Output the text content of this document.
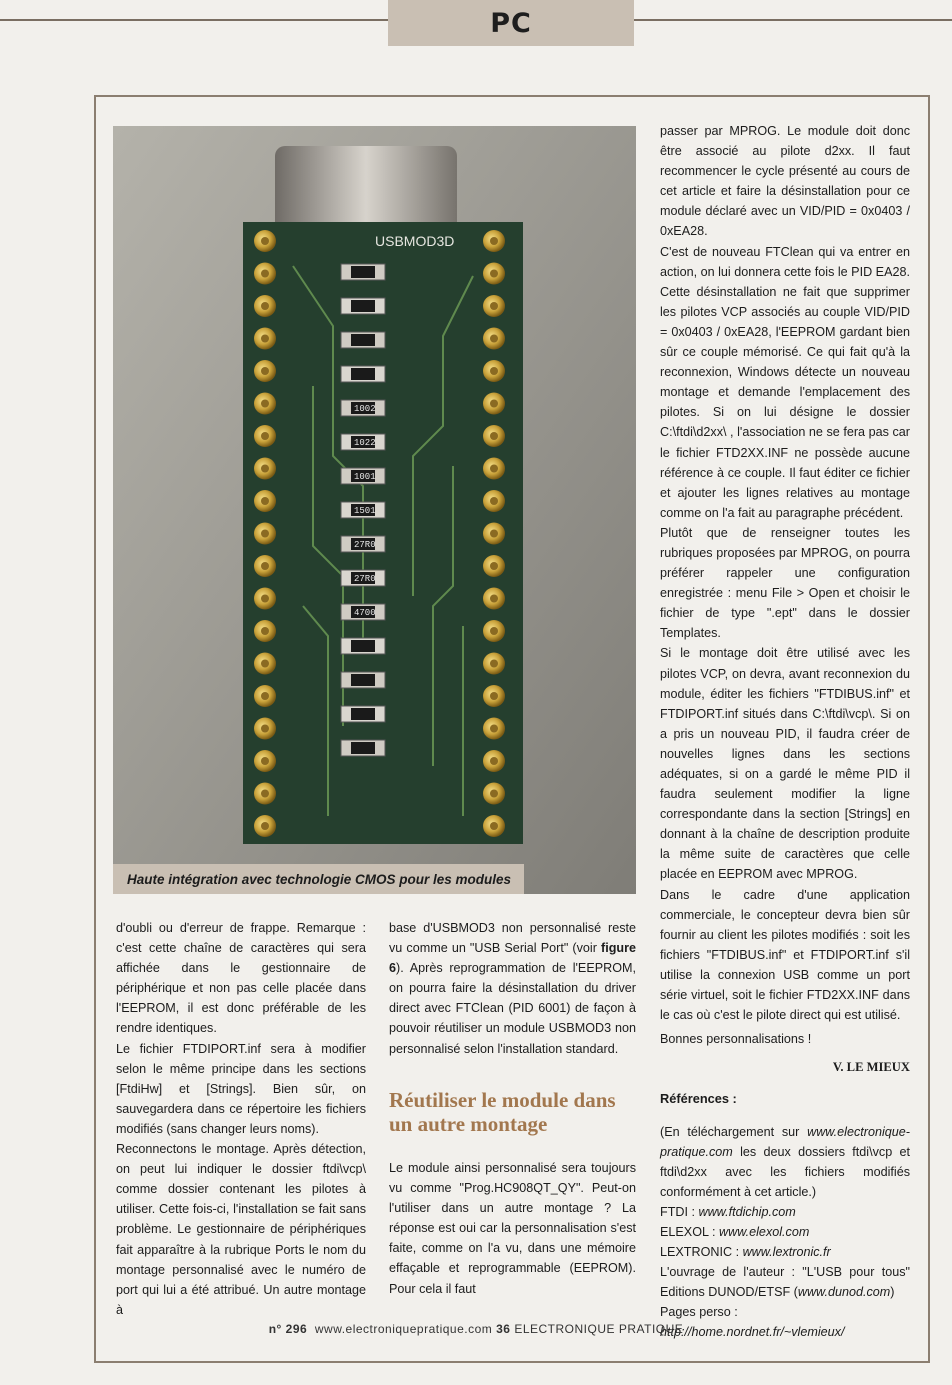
PC
USBMOD3D
1002
1022
1001
1501
27R0
27R0
4700
Haute intégration avec technologie CMOS pour les modules

d'oubli ou d'erreur de frappe. Remarque : c'est cette chaîne de caractères qui sera affichée dans le gestionnaire de périphérique et non pas celle placée dans l'EEPROM, il est donc préférable de les rendre identiques.

Le fichier FTDIPORT.inf sera à modifier selon le même principe dans les sections [FtdiHw] et [Strings]. Bien sûr, on sauvegardera dans ce répertoire les fichiers modifiés (sans changer leurs noms).

Reconnectons le montage. Après détection, on peut lui indiquer le dossier ftdi\vcp\ comme dossier contenant les pilotes à utiliser. Cette fois-ci, l'installation se fait sans problème. Le gestionnaire de périphériques fait apparaître à la rubrique Ports le nom du montage personnalisé avec le numéro de port qui lui a été attribué. Un autre montage à

base d'USBMOD3 non personnalisé reste vu comme un "USB Serial Port" (voir figure 6). Après reprogrammation de l'EEPROM, on pourra faire la désinstallation du driver direct avec FTClean (PID 6001) de façon à pouvoir réutiliser un module USBMOD3 non personnalisé selon l'installation standard.

Réutiliser le module dans un autre montage

Le module ainsi personnalisé sera toujours vu comme "Prog.HC908QT_QY". Peut-on l'utiliser dans un autre montage ? La réponse est oui car la personnalisation s'est faite, comme on l'a vu, dans une mémoire effaçable et reprogrammable (EEPROM). Pour cela il faut

passer par MPROG. Le module doit donc être associé au pilote d2xx. Il faut recommencer le cycle présenté au cours de cet article et faire la désinstallation pour ce module déclaré avec un VID/PID = 0x0403 / 0xEA28.

C'est de nouveau FTClean qui va entrer en action, on lui donnera cette fois le PID EA28. Cette désinstallation ne fait que supprimer les pilotes VCP associés au couple VID/PID = 0x0403 / 0xEA28, l'EEPROM gardant bien sûr ce couple mémorisé. Ce qui fait qu'à la reconnexion, Windows détecte un nouveau montage et demande l'emplacement des pilotes. Si on lui désigne le dossier C:\ftdi\d2xx\ , l'association ne se fera pas car le fichier FTD2XX.INF ne possède aucune référence à ce couple. Il faut éditer ce fichier et ajouter les lignes relatives au montage comme on l'a fait au paragraphe précédent.

Plutôt que de renseigner toutes les rubriques proposées par MPROG, on pourra préférer rappeler une configuration enregistrée : menu File > Open et choisir le fichier de type ".ept" dans le dossier Templates.

Si le montage doit être utilisé avec les pilotes VCP, on devra, avant reconnexion du module, éditer les fichiers "FTDIBUS.inf" et FTDIPORT.inf situés dans C:\ftdi\vcp\. Si on a pris un nouveau PID, il faudra créer de nouvelles lignes dans les sections adéquates, si on a gardé le même PID il faudra seulement modifier la ligne correspondante dans la section [Strings] en donnant à la chaîne de description produite la même suite de caractères que celle placée en EEPROM avec MPROG.

Dans le cadre d'une application commerciale, le concepteur devra bien sûr fournir au client les pilotes modifiés : soit les fichiers "FTDIBUS.inf" et FTDIPORT.inf s'il utilise la connexion USB comme un port série virtuel, soit le fichier FTD2XX.INF dans le cas où c'est le pilote direct qui est utilisé.

Bonnes personnalisations !

V. LE MIEUX
Références :

(En téléchargement sur www.electronique-pratique.com les deux dossiers ftdi\vcp et ftdi\d2xx avec les fichiers modifiés conformément à cet article.)

FTDI : www.ftdichip.com

ELEXOL : www.elexol.com

LEXTRONIC : www.lextronic.fr

L'ouvrage de l'auteur : "L'USB pour tous" Editions DUNOD/ETSF (www.dunod.com)

Pages perso :

http://home.nordnet.fr/~vlemieux/

n° 296 www.electroniquepratique.com 36 ELECTRONIQUE PRATIQUE
